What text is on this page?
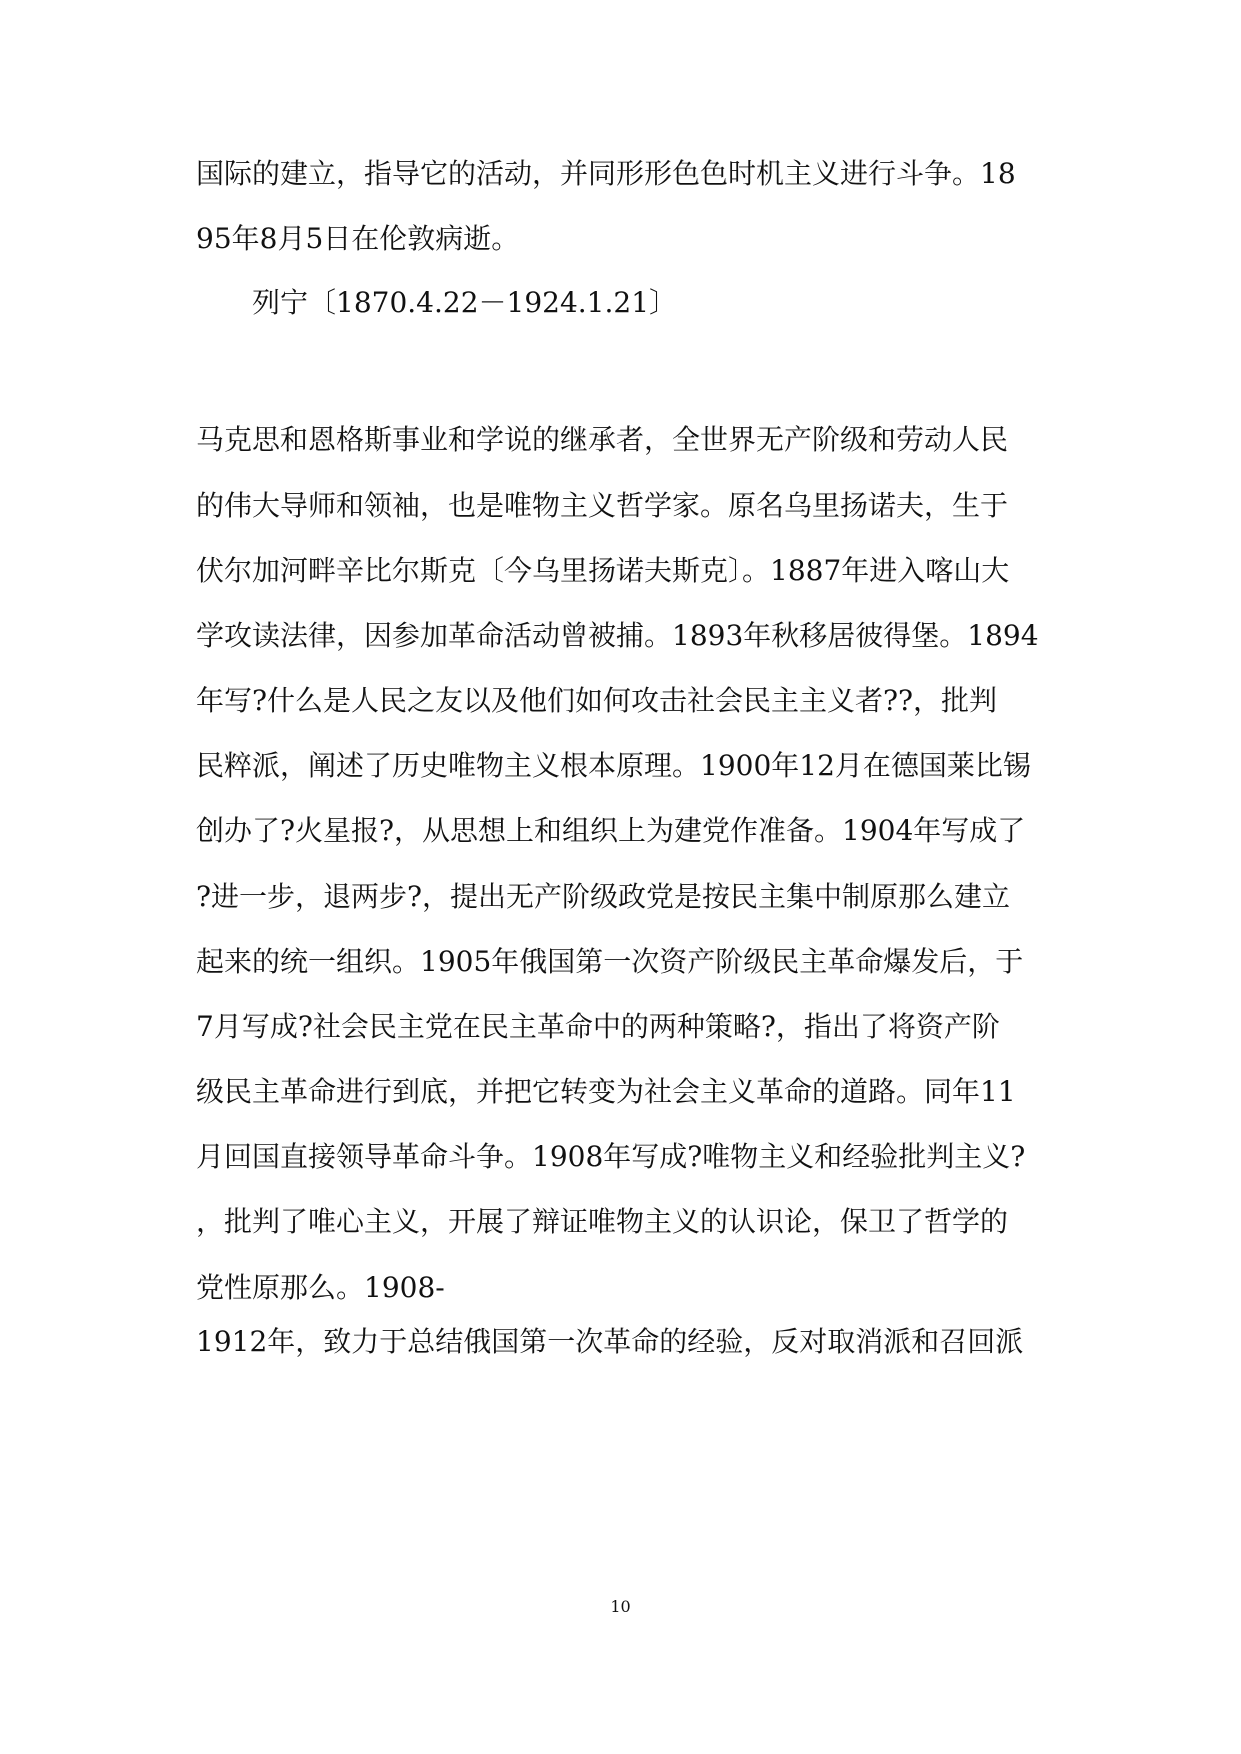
国际的建立，指导它的活动，并同形形色色时机主义进行斗争。18
95年8月5日在伦敦病逝。
列宁〔1870.4.22－1924.1.21〕
马克思和恩格斯事业和学说的继承者，全世界无产阶级和劳动人民
的伟大导师和领袖，也是唯物主义哲学家。原名乌里扬诺夫，生于
伏尔加河畔辛比尔斯克〔今乌里扬诺夫斯克〕。1887年进入喀山大
学攻读法律，因参加革命活动曾被捕。1893年秋移居彼得堡。1894
年写?什么是人民之友以及他们如何攻击社会民主主义者??，批判
民粹派，阐述了历史唯物主义根本原理。1900年12月在德国莱比锡
创办了?火星报?，从思想上和组织上为建党作准备。1904年写成了
?进一步，退两步?，提出无产阶级政党是按民主集中制原那么建立
起来的统一组织。1905年俄国第一次资产阶级民主革命爆发后，于
7月写成?社会民主党在民主革命中的两种策略?，指出了将资产阶
级民主革命进行到底，并把它转变为社会主义革命的道路。同年11
月回国直接领导革命斗争。1908年写成?唯物主义和经验批判主义?
，批判了唯心主义，开展了辩证唯物主义的认识论，保卫了哲学的
党性原那么。1908-
1912年，致力于总结俄国第一次革命的经验，反对取消派和召回派
10
